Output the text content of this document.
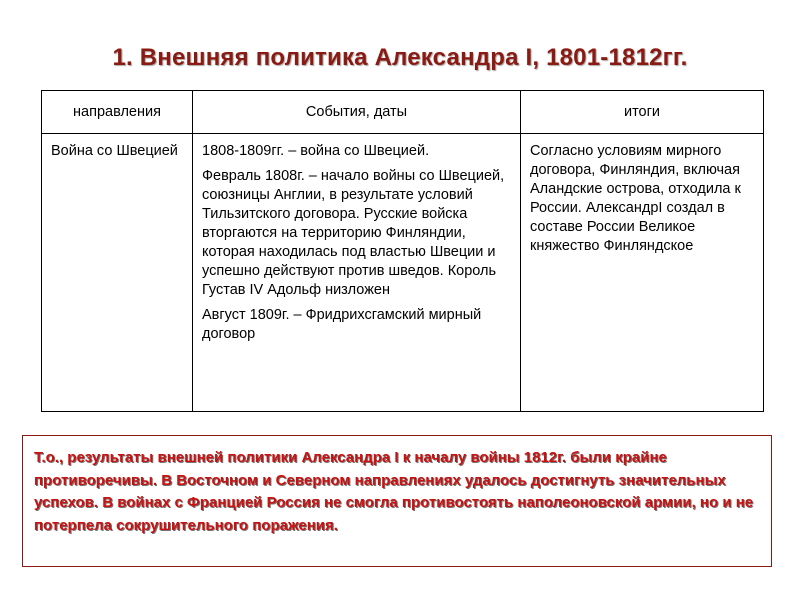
1. Внешняя политика Александра I, 1801-1812гг.
направления	События, даты	итоги

Война со Швецией	1808-1809гг. – война со Швецией.
Февраль 1808г. – начало войны со Швецией, союзницы Англии, в результате условий Тильзитского договора. Русские войска вторгаются на территорию Финляндии, которая находилась под властью Швеции и успешно действуют против шведов. Король Густав IV Адольф низложен
Август 1809г. – Фридрихсгамский мирный договор	Согласно условиям мирного договора, Финляндия, включая Аландские острова, отходила к России. АлександрI создал в составе России Великое княжество Финляндское
Т.о., результаты внешней политики Александра I к началу войны 1812г. были крайне противоречивы. В Восточном и Северном направлениях удалось достигнуть значительных успехов. В войнах с Францией Россия не смогла противостоять наполеоновской армии, но и не потерпела сокрушительного поражения.
